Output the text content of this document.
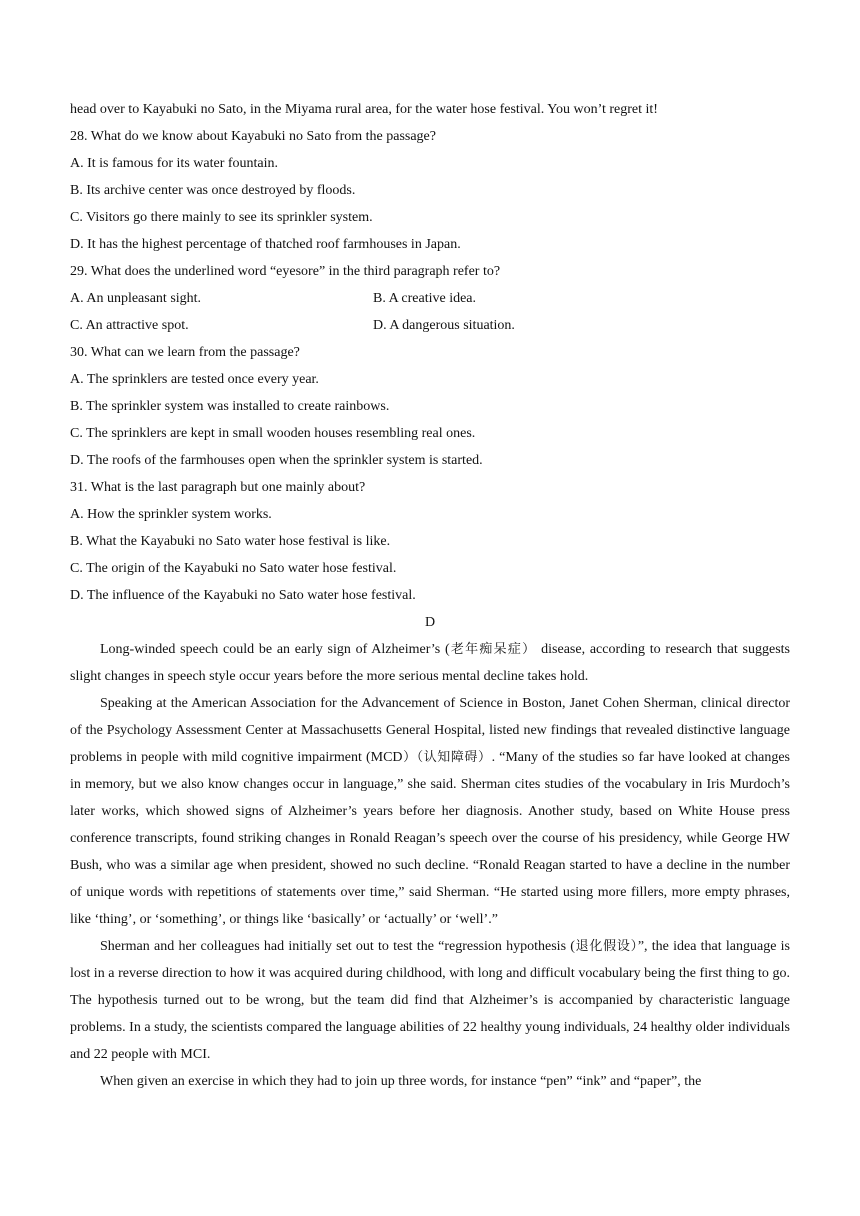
head over to Kayabuki no Sato, in the Miyama rural area, for the water hose festival. You won’t regret it!
28. What do we know about Kayabuki no Sato from the passage?
A. It is famous for its water fountain.
B. Its archive center was once destroyed by floods.
C. Visitors go there mainly to see its sprinkler system.
D. It has the highest percentage of thatched roof farmhouses in Japan.
29. What does the underlined word “eyesore” in the third paragraph refer to?
A. An unpleasant sight.	B. A creative idea.
C. An attractive spot.	D. A dangerous situation.
30. What can we learn from the passage?
A. The sprinklers are tested once every year.
B. The sprinkler system was installed to create rainbows.
C. The sprinklers are kept in small wooden houses resembling real ones.
D. The roofs of the farmhouses open when the sprinkler system is started.
31. What is the last paragraph but one mainly about?
A. How the sprinkler system works.
B. What the Kayabuki no Sato water hose festival is like.
C. The origin of the Kayabuki no Sato water hose festival.
D. The influence of the Kayabuki no Sato water hose festival.
D

Long-winded speech could be an early sign of Alzheimer’s (老年痴呆症） disease, according to research that suggests slight changes in speech style occur years before the more serious mental decline takes hold.

Speaking at the American Association for the Advancement of Science in Boston, Janet Cohen Sherman, clinical director of the Psychology Assessment Center at Massachusetts General Hospital, listed new findings that revealed distinctive language problems in people with mild cognitive impairment (MCD）（认知障碍）. “Many of the studies so far have looked at changes in memory, but we also know changes occur in language,” she said. Sherman cites studies of the vocabulary in Iris Murdoch’s later works, which showed signs of Alzheimer’s years before her diagnosis. Another study, based on White House press conference transcripts, found striking changes in Ronald Reagan’s speech over the course of his presidency, while George HW Bush, who was a similar age when president, showed no such decline. “Ronald Reagan started to have a decline in the number of unique words with repetitions of statements over time,” said Sherman. “He started using more fillers, more empty phrases, like ‘thing’, or ‘something’, or things like ‘basically’ or ‘actually’ or ‘well’.”

Sherman and her colleagues had initially set out to test the “regression hypothesis (退化假设）”, the idea that language is lost in a reverse direction to how it was acquired during childhood, with long and difficult vocabulary being the first thing to go. The hypothesis turned out to be wrong, but the team did find that Alzheimer’s is accompanied by characteristic language problems. In a study, the scientists compared the language abilities of 22 healthy young individuals, 24 healthy older individuals and 22 people with MCI.

When given an exercise in which they had to join up three words, for instance “pen” “ink” and “paper”, the
